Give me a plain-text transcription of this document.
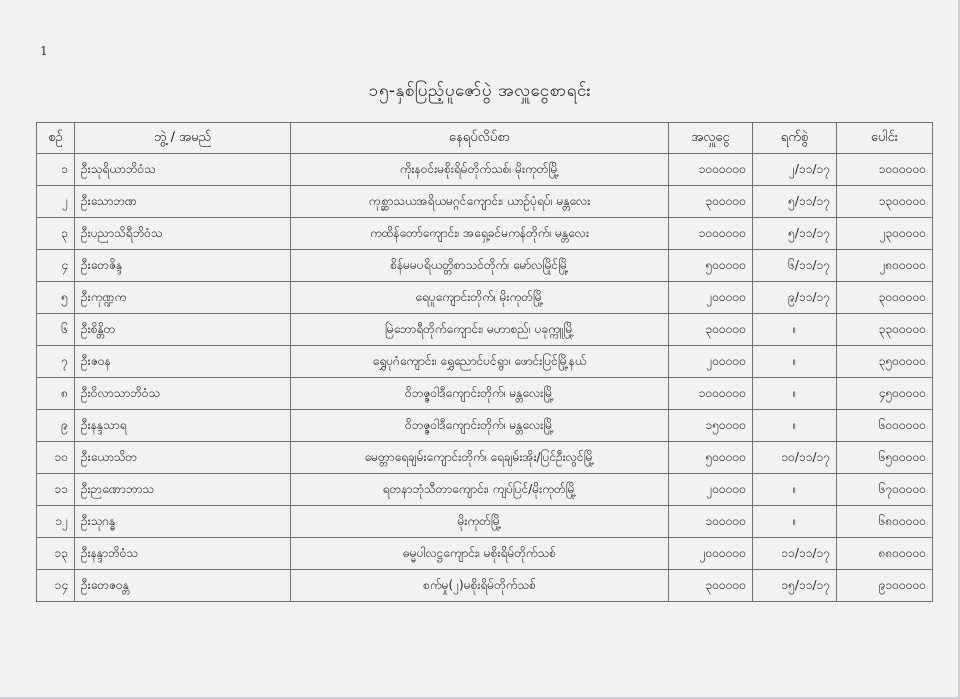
1
၁၅-နှစ်ပြည့်ပူဇော်ပွဲ အလှူငွေစာရင်း
စဉ်	ဘွဲ့ / အမည်	နေရပ်လိပ်စာ	အလှူငွေ	ရက်စွဲ	ပေါင်း
၁	ဦးသုရိယာဘိဝံသ	ကိုးနဝင်းမစိုးရိမ်တိုက်သစ်၊ မိုးကုတ်မြို့	၁၀၀၀၀၀၀	၂/၁၁/၁၇	၁၀၀၀၀၀၀
၂	ဦးသောဘဏ	ကုစ္ဆာသယအရိယမဂ္ဂင်ကျောင်း၊ ယာဉ်ပုံရပ်၊ မန္တလေး	၃၀၀၀၀၀	၅/၁၁/၁၇	၁၃၀၀၀၀၀
၃	ဦးပညာသိရီဘိဝံသ	ကထိန်တော်ကျောင်း၊ အရှေ့ခင်မကန်တိုက်၊ မန္တလေး	၁၀၀၀၀၀၀	၅/၁၁/၁၇	၂၃၀၀၀၀၀
၄	ဦးတေဇိန္ဒ	စိန်မမပရိယတ္တိစာသင်တိုက်၊ မော်လမြိုင်မြို့	၅၀၀၀၀၀	၆/၁၁/၁၇	၂၈၀၀၀၀၀
၅	ဦးကုဏ္ဍက	ရေပူကျောင်းတိုက်၊ မိုးကုတ်မြို့	၂၀၀၀၀၀	၉/၁၁/၁၇	၃၀၀၀၀၀၀
၆	ဦးစိန္တိတ	မြဲဘောရီတိုက်ကျောင်း၊ မဟာစည်၊ ပခုက္ကူမြို့	၃၀၀၀၀၀	။	၃၃၀၀၀၀၀
၇	ဦးဇဝန	ရွှေပုဂံကျောင်း၊ ရွှေညောင်ပင်ရွာ၊ ဖောင်းပြင်မြို့နယ်	၂၀၀၀၀၀	။	၃၅၀၀၀၀၀
၈	ဦးဝိလာသာဘိဝံသ	ဝိဘဇ္ဇဝါဒီကျောင်းတိုက်၊ မန္တလေးမြို့	၁၀၀၀၀၀၀	။	၄၅၀၀၀၀၀
၉	ဦးနန္ဒသာရ	ဝိဘဇ္ဇဝါဒီကျောင်းတိုက်၊ မန္တလေးမြို့	၁၅၀၀၀၀	။	၆၀၀၀၀၀၀
၁၀	ဦးယောသိတ	မေတ္တာရေချမ်းကျောင်းတိုက်၊ ရေချမ်းအိုး/ပြင်ဦးလွင်မြို့	၅၀၀၀၀၀	၁၀/၁၁/၁၇	၆၅၀၀၀၀၀
၁၁	ဦးဉာဏောဘာသ	ရတနာဘုံသီတာကျောင်း၊ ကျပ်ပြင်/မိုးကုတ်မြို့	၂၀၀၀၀၀	။	၆၇၀၀၀၀၀
၁၂	ဦးသုဂန္ဓ	မိုးကုတ်မြို့	၁၀၀၀၀၀	။	၆၈၀၀၀၀၀
၁၃	ဦးနန္ဒာဘိဝံသ	ဓမ္မပါလဋ္ဌကျောင်း၊ မစိုးရိမ်တိုက်သစ်	၂၀၀၀၀၀၀	၁၁/၁၁/၁၇	၈၈၀၀၀၀၀
၁၄	ဦးတေဇဝန္တ	စက်မှု(၂)မစိုးရိမ်တိုက်သစ်	၃၀၀၀၀၀	၁၅/၁၁/၁၇	၉၁၀၀၀၀၀
